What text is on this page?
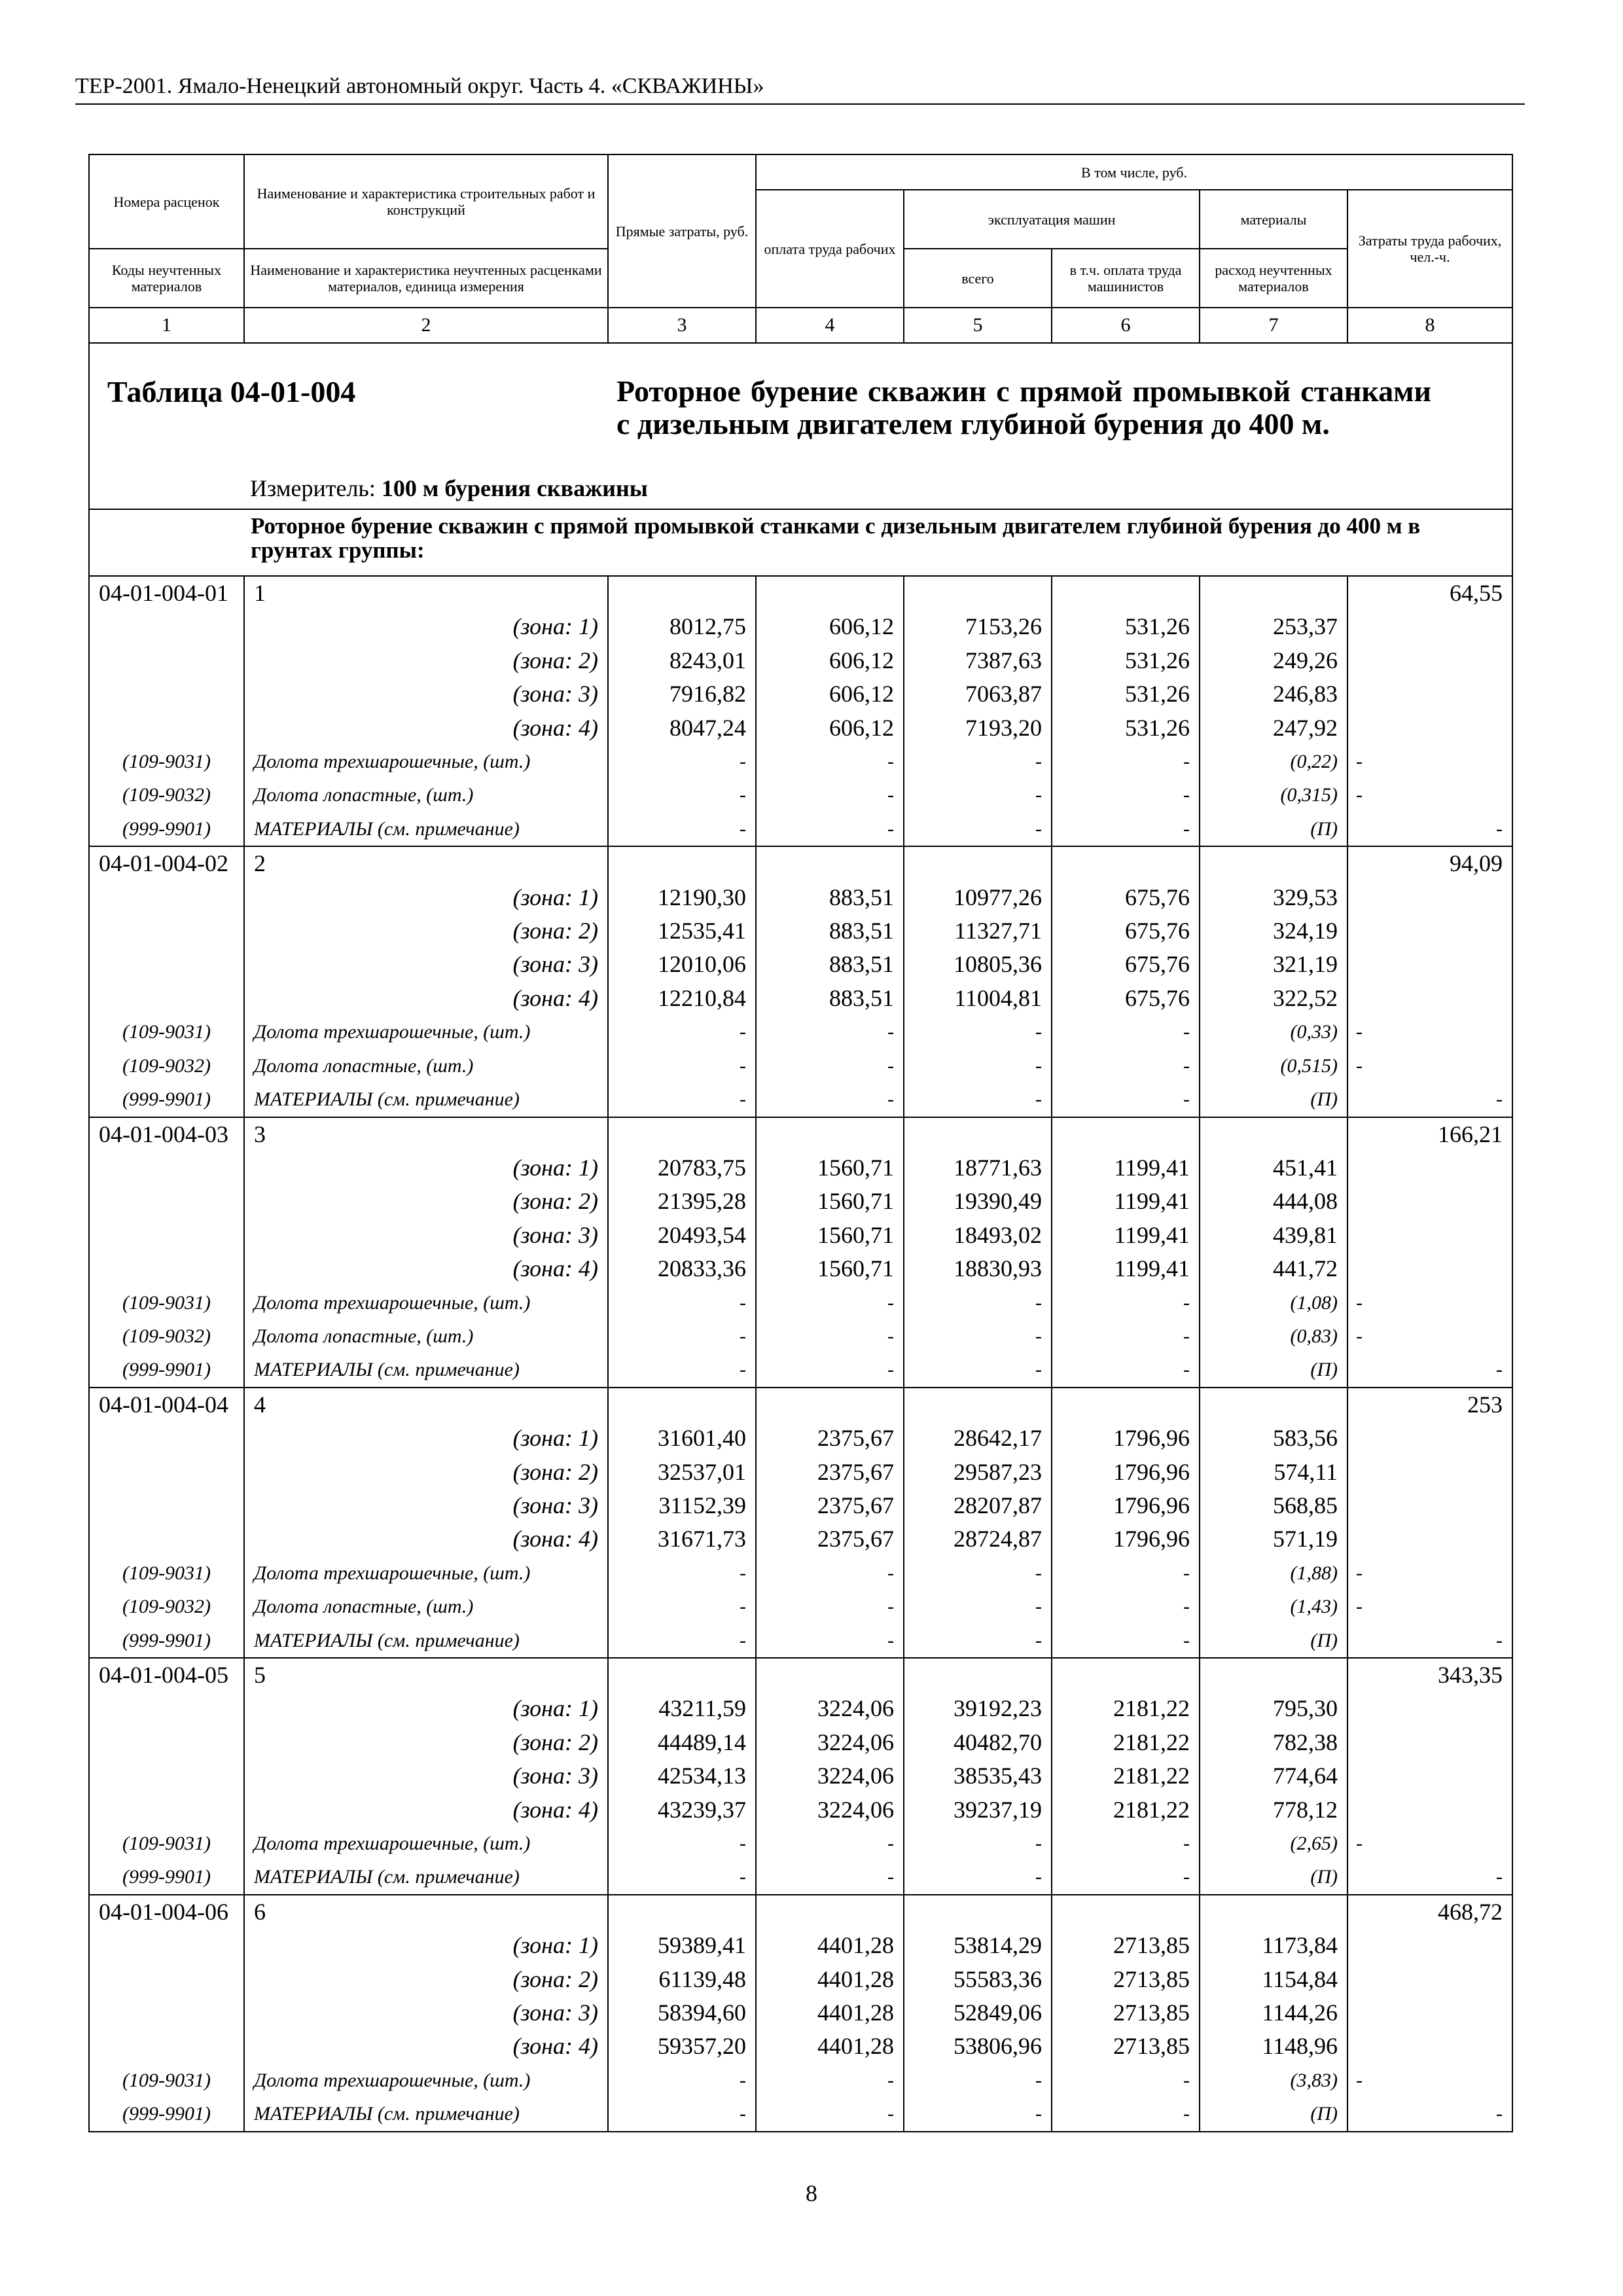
ТЕР-2001. Ямало-Ненецкий автономный округ. Часть 4. «СКВАЖИНЫ»
Номера расценок	Наименование и характеристика строительных работ и конструкций	Прямые затраты, руб.	В том числе, руб.				
			оплата труда рабочих	эксплуатация машин		материалы	Затраты труда рабочих, чел.-ч.
Коды неучтенных материалов	Наименование и характеристика неучтенных расценками материалов, единица измерения			всего	в т.ч. оплата труда машинистов	расход неучтенных материалов	
1	2	3	4	5	6	7	8

Таблица 04-01-004 Роторное бурение скважин с прямой промывкой станками с дизельным двигателем глубиной бурения до 400 м.
Измеритель: 100 м бурения скважины							

Роторное бурение скважин с прямой промывкой станками с дизельным двигателем глубиной бурения до 400 м в грунтах группы:							

04-01-004-01	1						64,55
	(зона: 1)	8012,75	606,12	7153,26	531,26	253,37	
	(зона: 2)	8243,01	606,12	7387,63	531,26	249,26	
	(зона: 3)	7916,82	606,12	7063,87	531,26	246,83	
	(зона: 4)	8047,24	606,12	7193,20	531,26	247,92	
(109-9031)	Долота трехшарошечные, (шт.)	-	-	-	-	(0,22)	-
(109-9032)	Долота лопастные, (шт.)	-	-	-	-	(0,315)	-
(999-9901)	МАТЕРИАЛЫ (см. примечание)	-	-	-	-	(П)	-
04-01-004-02	2						94,09
	(зона: 1)	12190,30	883,51	10977,26	675,76	329,53	
	(зона: 2)	12535,41	883,51	11327,71	675,76	324,19	
	(зона: 3)	12010,06	883,51	10805,36	675,76	321,19	
	(зона: 4)	12210,84	883,51	11004,81	675,76	322,52	
(109-9031)	Долота трехшарошечные, (шт.)	-	-	-	-	(0,33)	-
(109-9032)	Долота лопастные, (шт.)	-	-	-	-	(0,515)	-
(999-9901)	МАТЕРИАЛЫ (см. примечание)	-	-	-	-	(П)	-
04-01-004-03	3						166,21
	(зона: 1)	20783,75	1560,71	18771,63	1199,41	451,41	
	(зона: 2)	21395,28	1560,71	19390,49	1199,41	444,08	
	(зона: 3)	20493,54	1560,71	18493,02	1199,41	439,81	
	(зона: 4)	20833,36	1560,71	18830,93	1199,41	441,72	
(109-9031)	Долота трехшарошечные, (шт.)	-	-	-	-	(1,08)	-
(109-9032)	Долота лопастные, (шт.)	-	-	-	-	(0,83)	-
(999-9901)	МАТЕРИАЛЫ (см. примечание)	-	-	-	-	(П)	-
04-01-004-04	4						253
	(зона: 1)	31601,40	2375,67	28642,17	1796,96	583,56	
	(зона: 2)	32537,01	2375,67	29587,23	1796,96	574,11	
	(зона: 3)	31152,39	2375,67	28207,87	1796,96	568,85	
	(зона: 4)	31671,73	2375,67	28724,87	1796,96	571,19	
(109-9031)	Долота трехшарошечные, (шт.)	-	-	-	-	(1,88)	-
(109-9032)	Долота лопастные, (шт.)	-	-	-	-	(1,43)	-
(999-9901)	МАТЕРИАЛЫ (см. примечание)	-	-	-	-	(П)	-
04-01-004-05	5						343,35
	(зона: 1)	43211,59	3224,06	39192,23	2181,22	795,30	
	(зона: 2)	44489,14	3224,06	40482,70	2181,22	782,38	
	(зона: 3)	42534,13	3224,06	38535,43	2181,22	774,64	
	(зона: 4)	43239,37	3224,06	39237,19	2181,22	778,12	
(109-9031)	Долота трехшарошечные, (шт.)	-	-	-	-	(2,65)	-
(999-9901)	МАТЕРИАЛЫ (см. примечание)	-	-	-	-	(П)	-
04-01-004-06	6						468,72
	(зона: 1)	59389,41	4401,28	53814,29	2713,85	1173,84	
	(зона: 2)	61139,48	4401,28	55583,36	2713,85	1154,84	
	(зона: 3)	58394,60	4401,28	52849,06	2713,85	1144,26	
	(зона: 4)	59357,20	4401,28	53806,96	2713,85	1148,96	
(109-9031)	Долота трехшарошечные, (шт.)	-	-	-	-	(3,83)	-
(999-9901)	МАТЕРИАЛЫ (см. примечание)	-	-	-	-	(П)	-
8
